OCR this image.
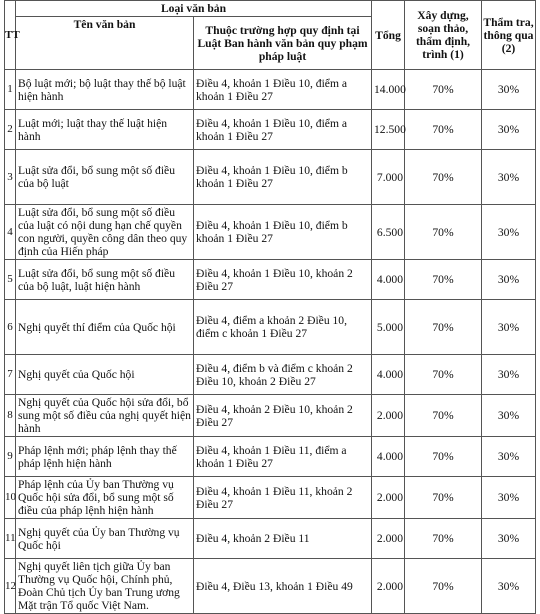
TT	Loại văn bản		Tổng	Xây dựng, soạn thảo, thẩm định, trình (1)	Thẩm tra, thông qua (2)
	Tên văn bản	Thuộc trường hợp quy định tại Luật Ban hành văn bản quy phạm pháp luật			
1	Bộ luật mới; bộ luật thay thế bộ luật hiện hành	Điều 4, khoản 1 Điều 10, điểm a khoản 1 Điều 27	14.000	70%	30%
2	Luật mới; luật thay thế luật hiện hành	Điều 4, khoản 1 Điều 10, điểm a khoản 1 Điều 27	12.500	70%	30%
3	Luật sửa đổi, bổ sung một số điều của bộ luật	Điều 4, khoản 1 Điều 10, điểm b khoản 1 Điều 27	7.000	70%	30%
4	Luật sửa đổi, bổ sung một số điều của luật có nội dung hạn chế quyền con người, quyền công dân theo quy định của Hiến pháp	Điều 4, khoản 1 Điều 10, điểm b khoản 1 Điều 27	6.500	70%	30%
5	Luật sửa đổi, bổ sung một số điều của bộ luật, luật hiện hành	Điều 4, khoản 1 Điều 10, khoản 2 Điều 27	4.000	70%	30%
6	Nghị quyết thí điểm của Quốc hội	Điều 4, điểm a khoản 2 Điều 10, điểm c khoản 1 Điều 27	5.000	70%	30%
7	Nghị quyết của Quốc hội	Điều 4, điểm b và điểm c khoản 2 Điều 10, khoản 2 Điều 27	4.000	70%	30%
8	Nghị quyết của Quốc hội sửa đổi, bổ sung một số điều của nghị quyết hiện hành	Điều 4, khoản 2 Điều 10, khoản 2 Điều 27	2.000	70%	30%
9	Pháp lệnh mới; pháp lệnh thay thế pháp lệnh hiện hành	Điều 4, khoản 1 Điều 11, điểm a khoản 1 Điều 27	4.000	70%	30%
10	Pháp lệnh của Ủy ban Thường vụ Quốc hội sửa đổi, bổ sung một số điều của pháp lệnh hiện hành	Điều 4, khoản 1 Điều 11, khoản 2 Điều 27	2.000	70%	30%
11	Nghị quyết của Ủy ban Thường vụ Quốc hội	Điều 4, khoản 2 Điều 11	2.000	70%	30%
12	Nghị quyết liên tịch giữa Ủy ban Thường vụ Quốc hội, Chính phủ, Đoàn Chủ tịch Ủy ban Trung ương Mặt trận Tổ quốc Việt Nam.	Điều 4, Điều 13, khoản 1 Điều 49	2.000	70%	30%
